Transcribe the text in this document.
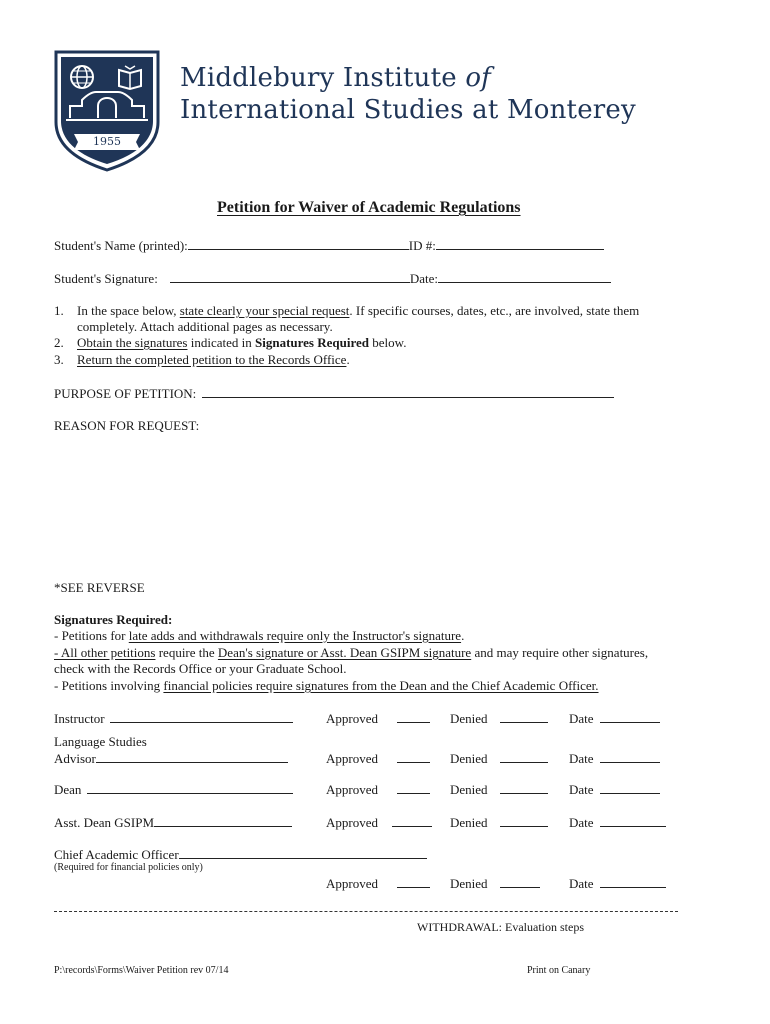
1955
Middlebury Institute of
International Studies at Monterey
Petition for Waiver of Academic Regulations
Student's Name (printed):	ID #:
Student's Signature:	Date:
1. In the space below, state clearly your special request. If specific courses, dates, etc., are involved, state them
completely. Attach additional pages as necessary.
2. Obtain the signatures indicated in Signatures Required below.
3. Return the completed petition to the Records Office.
PURPOSE OF PETITION:
REASON FOR REQUEST:
*SEE REVERSE
Signatures Required:
- Petitions for late adds and withdrawals require only the Instructor's signature.
- All other petitions require the Dean's signature or Asst. Dean GSIPM signature and may require other signatures,
check with the Records Office or your Graduate School.
- Petitions involving financial policies require signatures from the Dean and the Chief Academic Officer.
Instructor	Approved	Denied	Date
Language Studies
Advisor	Approved	Denied	Date
Dean	Approved	Denied	Date
Asst. Dean GSIPM	Approved	Denied	Date
Chief Academic Officer
(Required for financial policies only)
Approved	Denied	Date
WITHDRAWAL: Evaluation steps
P:\records\Forms\Waiver Petition rev 07/14	Print on Canary
